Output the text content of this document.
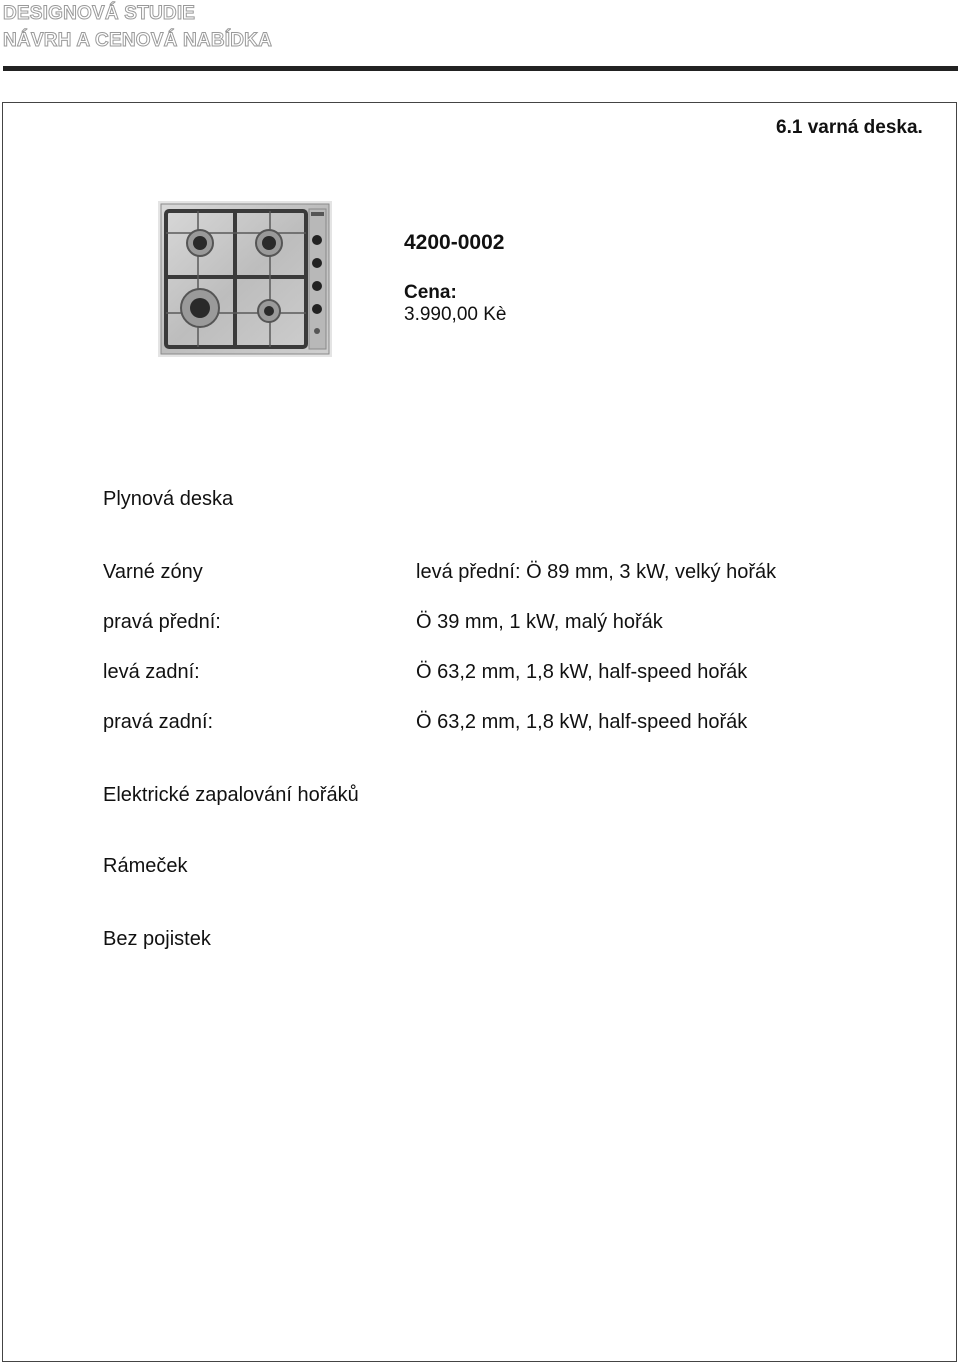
DESIGNOVÁ STUDIE
NÁVRH A CENOVÁ NABÍDKA
6.1 varná deska.
4200-0002
Cena:
3.990,00 Kè
Plynová deska
Varné zóny	levá přední: Ö 89 mm, 3 kW, velký hořák
pravá přední:	Ö 39 mm, 1 kW, malý hořák
levá zadní:	Ö 63,2 mm, 1,8 kW, half-speed hořák
pravá zadní:	Ö 63,2 mm, 1,8 kW, half-speed hořák
Elektrické zapalování hořáků
Rámeček
Bez pojistek
